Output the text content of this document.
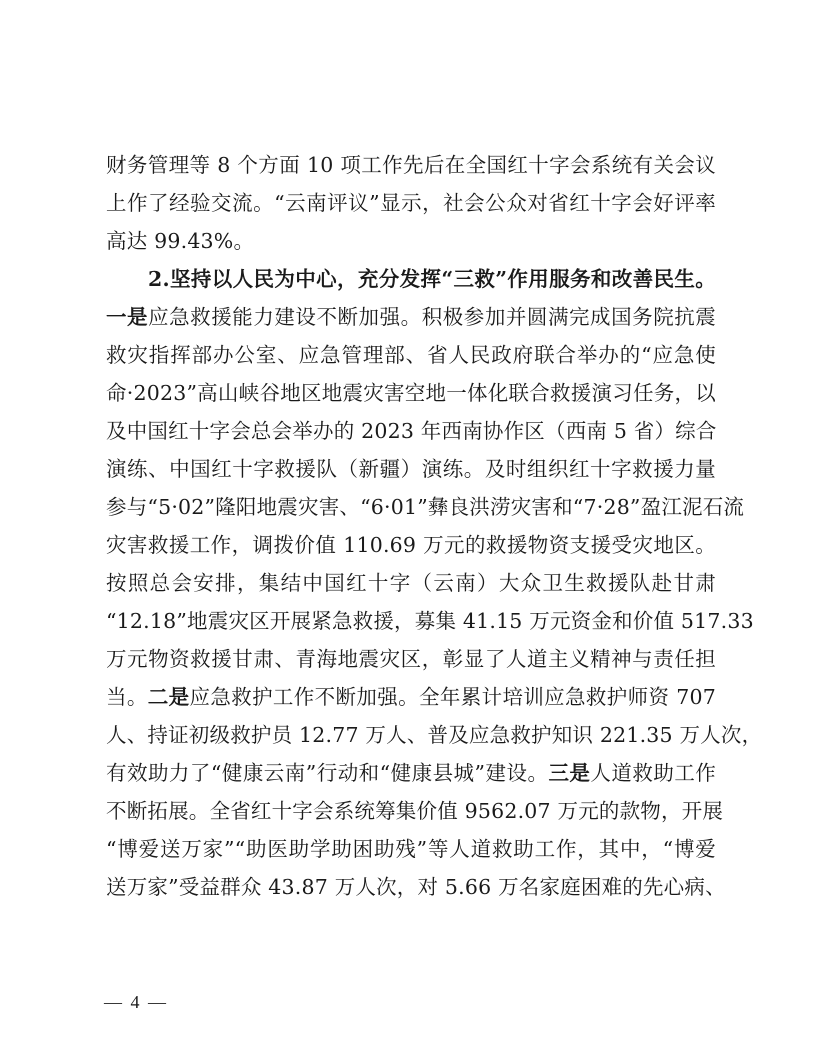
财务管理等 8 个方面 10 项工作先后在全国红十字会系统有关会议
上作了经验交流。“云南评议”显示，社会公众对省红十字会好评率
高达 99.43%。
2.坚持以人民为中心，充分发挥“三救”作用服务和改善民生。
一是应急救援能力建设不断加强。积极参加并圆满完成国务院抗震
救灾指挥部办公室、应急管理部、省人民政府联合举办的“应急使
命·2023”高山峡谷地区地震灾害空地一体化联合救援演习任务，以
及中国红十字会总会举办的 2023 年西南协作区（西南 5 省）综合
演练、中国红十字救援队（新疆）演练。及时组织红十字救援力量
参与“5·02”隆阳地震灾害、“6·01”彝良洪涝灾害和“7·28”盈江泥石流
灾害救援工作，调拨价值 110.69 万元的救援物资支援受灾地区。
按照总会安排，集结中国红十字（云南）大众卫生救援队赴甘肃
“12.18”地震灾区开展紧急救援，募集 41.15 万元资金和价值 517.33
万元物资救援甘肃、青海地震灾区，彰显了人道主义精神与责任担
当。二是应急救护工作不断加强。全年累计培训应急救护师资 707
人、持证初级救护员 12.77 万人、普及应急救护知识 221.35 万人次，
有效助力了“健康云南”行动和“健康县城”建设。三是人道救助工作
不断拓展。全省红十字会系统筹集价值 9562.07 万元的款物，开展
“博爱送万家”“助医助学助困助残”等人道救助工作，其中，“博爱
送万家”受益群众 43.87 万人次，对 5.66 万名家庭困难的先心病、
— 4 —
